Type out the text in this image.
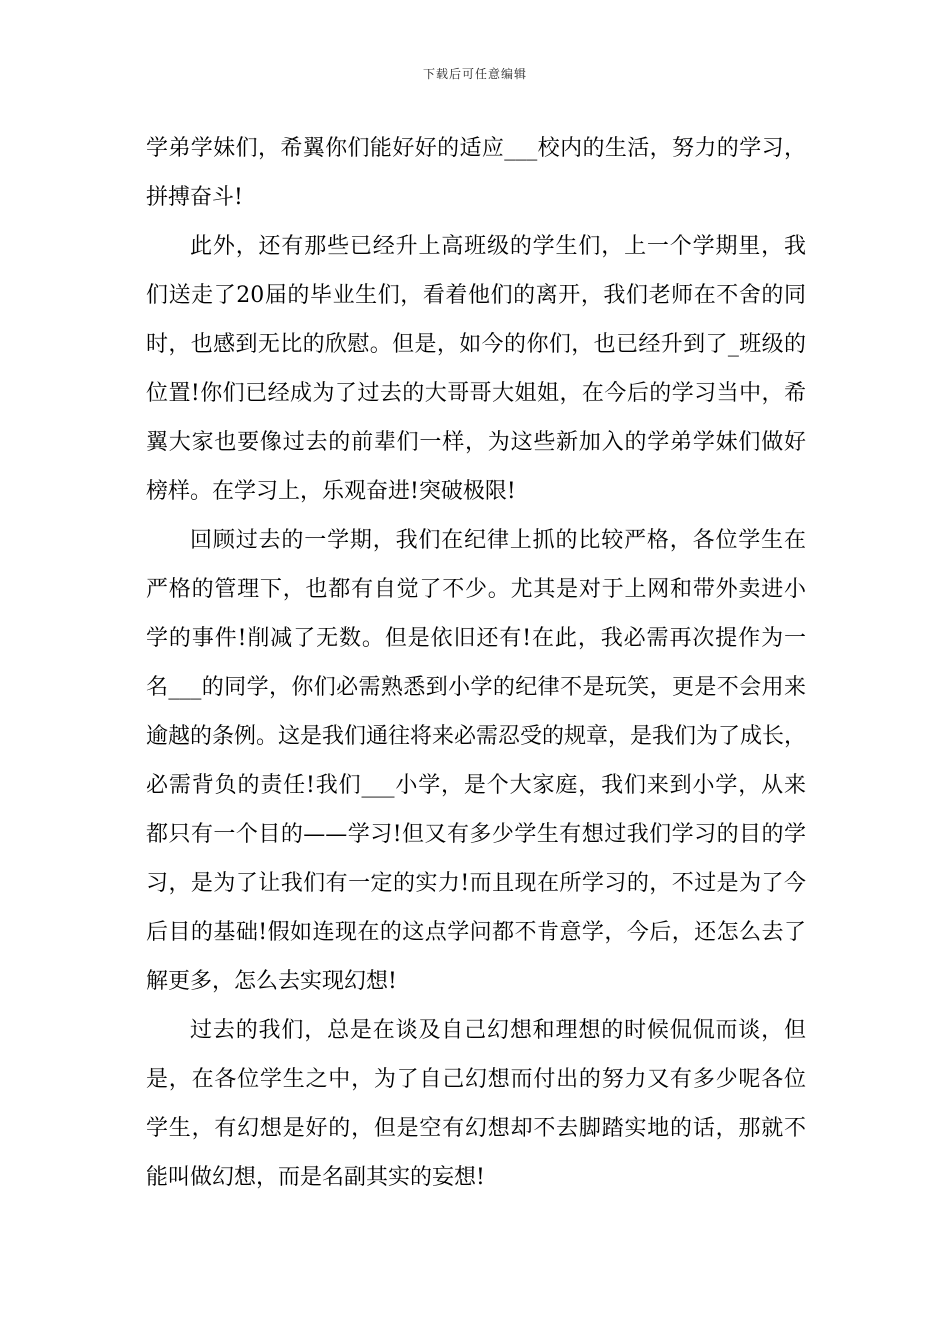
下载后可任意编辑

学弟学妹们，希翼你们能好好的适应___校内的生活，努力的学习，
拼搏奋斗!

此外，还有那些已经升上高班级的学生们，上一个学期里，我
们送走了20届的毕业生们，看着他们的离开，我们老师在不舍的同
时，也感到无比的欣慰。但是，如今的你们，也已经升到了_班级的
位置!你们已经成为了过去的大哥哥大姐姐，在今后的学习当中，希
翼大家也要像过去的前辈们一样，为这些新加入的学弟学妹们做好
榜样。在学习上，乐观奋进!突破极限!

回顾过去的一学期，我们在纪律上抓的比较严格，各位学生在
严格的管理下，也都有自觉了不少。尤其是对于上网和带外卖进小
学的事件!削减了无数。但是依旧还有!在此，我必需再次提作为一
名___的同学，你们必需熟悉到小学的纪律不是玩笑，更是不会用来
逾越的条例。这是我们通往将来必需忍受的规章，是我们为了成长，
必需背负的责任!我们___小学，是个大家庭，我们来到小学，从来
都只有一个目的——学习!但又有多少学生有想过我们学习的目的学
习，是为了让我们有一定的实力!而且现在所学习的，不过是为了今
后目的基础!假如连现在的这点学问都不肯意学，今后，还怎么去了
解更多，怎么去实现幻想!

过去的我们，总是在谈及自己幻想和理想的时候侃侃而谈，但
是，在各位学生之中，为了自己幻想而付出的努力又有多少呢各位
学生，有幻想是好的，但是空有幻想却不去脚踏实地的话，那就不
能叫做幻想，而是名副其实的妄想!
